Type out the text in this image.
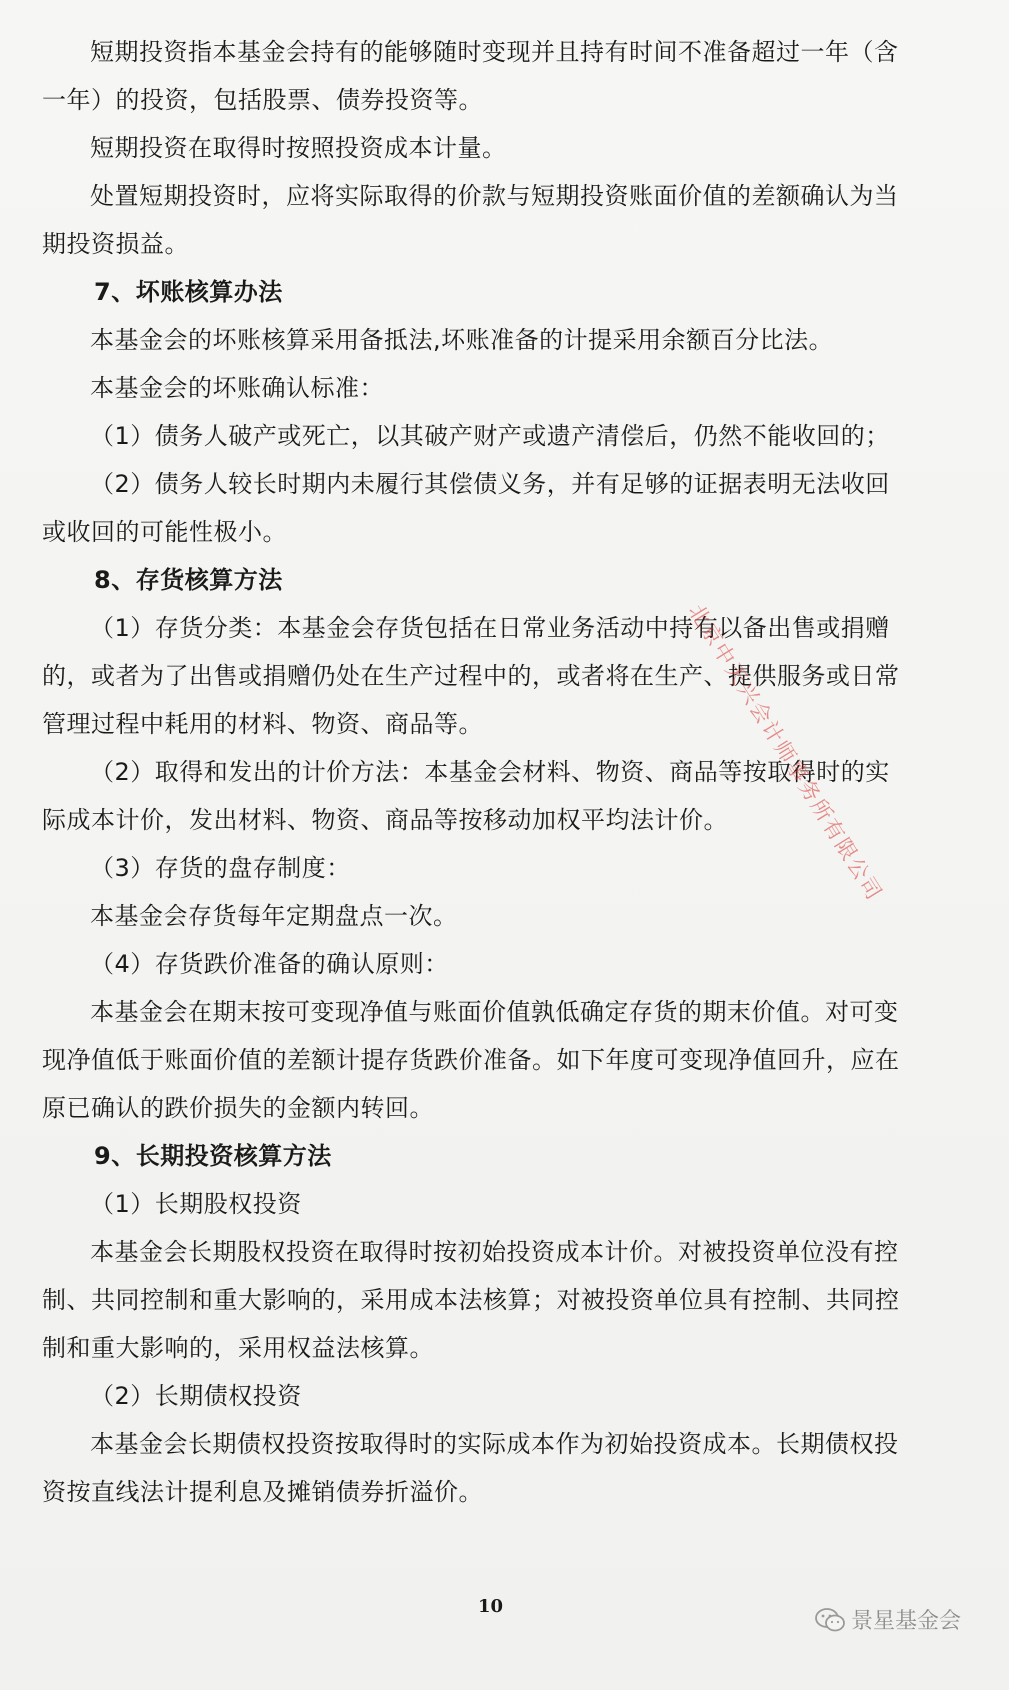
短期投资指本基金会持有的能够随时变现并且持有时间不准备超过一年（含

一年）的投资，包括股票、债券投资等。

短期投资在取得时按照投资成本计量。

处置短期投资时，应将实际取得的价款与短期投资账面价值的差额确认为当

期投资损益。

7、坏账核算办法

本基金会的坏账核算采用备抵法,坏账准备的计提采用余额百分比法。

本基金会的坏账确认标准：

（1）债务人破产或死亡，以其破产财产或遗产清偿后，仍然不能收回的；

（2）债务人较长时期内未履行其偿债义务，并有足够的证据表明无法收回

或收回的可能性极小。

8、存货核算方法

（1）存货分类：本基金会存货包括在日常业务活动中持有以备出售或捐赠

的，或者为了出售或捐赠仍处在生产过程中的，或者将在生产、提供服务或日常

管理过程中耗用的材料、物资、商品等。

（2）取得和发出的计价方法：本基金会材料、物资、商品等按取得时的实

际成本计价，发出材料、物资、商品等按移动加权平均法计价。

（3）存货的盘存制度：

本基金会存货每年定期盘点一次。

（4）存货跌价准备的确认原则：

本基金会在期末按可变现净值与账面价值孰低确定存货的期末价值。对可变

现净值低于账面价值的差额计提存货跌价准备。如下年度可变现净值回升，应在

原已确认的跌价损失的金额内转回。

9、长期投资核算方法

（1）长期股权投资

本基金会长期股权投资在取得时按初始投资成本计价。对被投资单位没有控

制、共同控制和重大影响的，采用成本法核算；对被投资单位具有控制、共同控

制和重大影响的，采用权益法核算。

（2）长期债权投资

本基金会长期债权投资按取得时的实际成本作为初始投资成本。长期债权投

资按直线法计提利息及摊销债券折溢价。

北京中天兴会计师事务所有限公司
10
景星基金会
